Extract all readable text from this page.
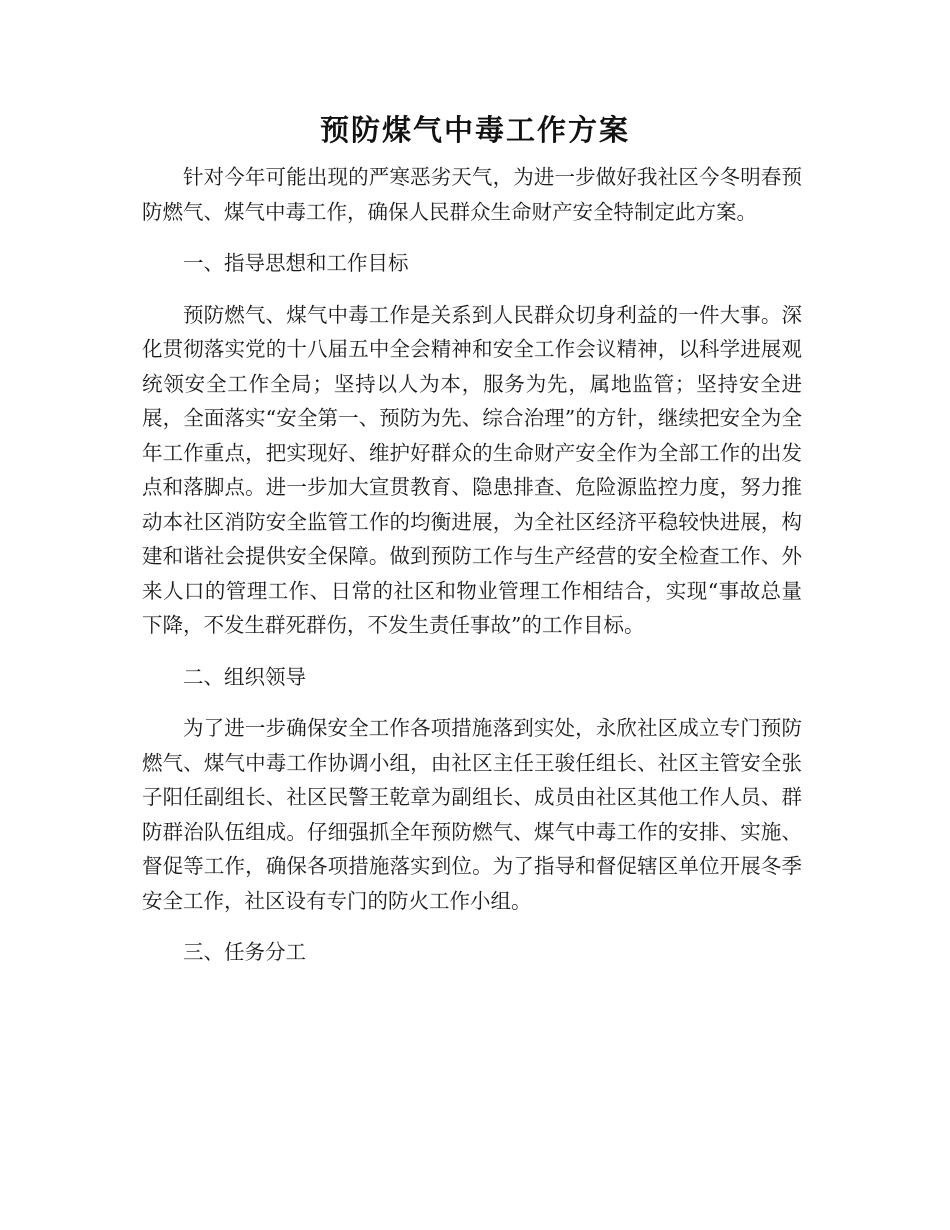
预防煤气中毒工作方案

针对今年可能出现的严寒恶劣天气，为进一步做好我社区今冬明春预防燃气、煤气中毒工作，确保人民群众生命财产安全特制定此方案。

一、指导思想和工作目标

预防燃气、煤气中毒工作是关系到人民群众切身利益的一件大事。深化贯彻落实党的十八届五中全会精神和安全工作会议精神，以科学进展观统领安全工作全局；坚持以人为本，服务为先，属地监管；坚持安全进展，全面落实“安全第一、预防为先、综合治理”的方针，继续把安全为全年工作重点，把实现好、维护好群众的生命财产安全作为全部工作的出发点和落脚点。进一步加大宣贯教育、隐患排查、危险源监控力度，努力推动本社区消防安全监管工作的均衡进展，为全社区经济平稳较快进展，构建和谐社会提供安全保障。做到预防工作与生产经营的安全检查工作、外来人口的管理工作、日常的社区和物业管理工作相结合，实现“事故总量下降，不发生群死群伤，不发生责任事故”的工作目标。

二、组织领导

为了进一步确保安全工作各项措施落到实处，永欣社区成立专门预防燃气、煤气中毒工作协调小组，由社区主任王骏任组长、社区主管安全张子阳任副组长、社区民警王乾章为副组长、成员由社区其他工作人员、群防群治队伍组成。仔细强抓全年预防燃气、煤气中毒工作的安排、实施、督促等工作，确保各项措施落实到位。为了指导和督促辖区单位开展冬季安全工作，社区设有专门的防火工作小组。

三、任务分工
